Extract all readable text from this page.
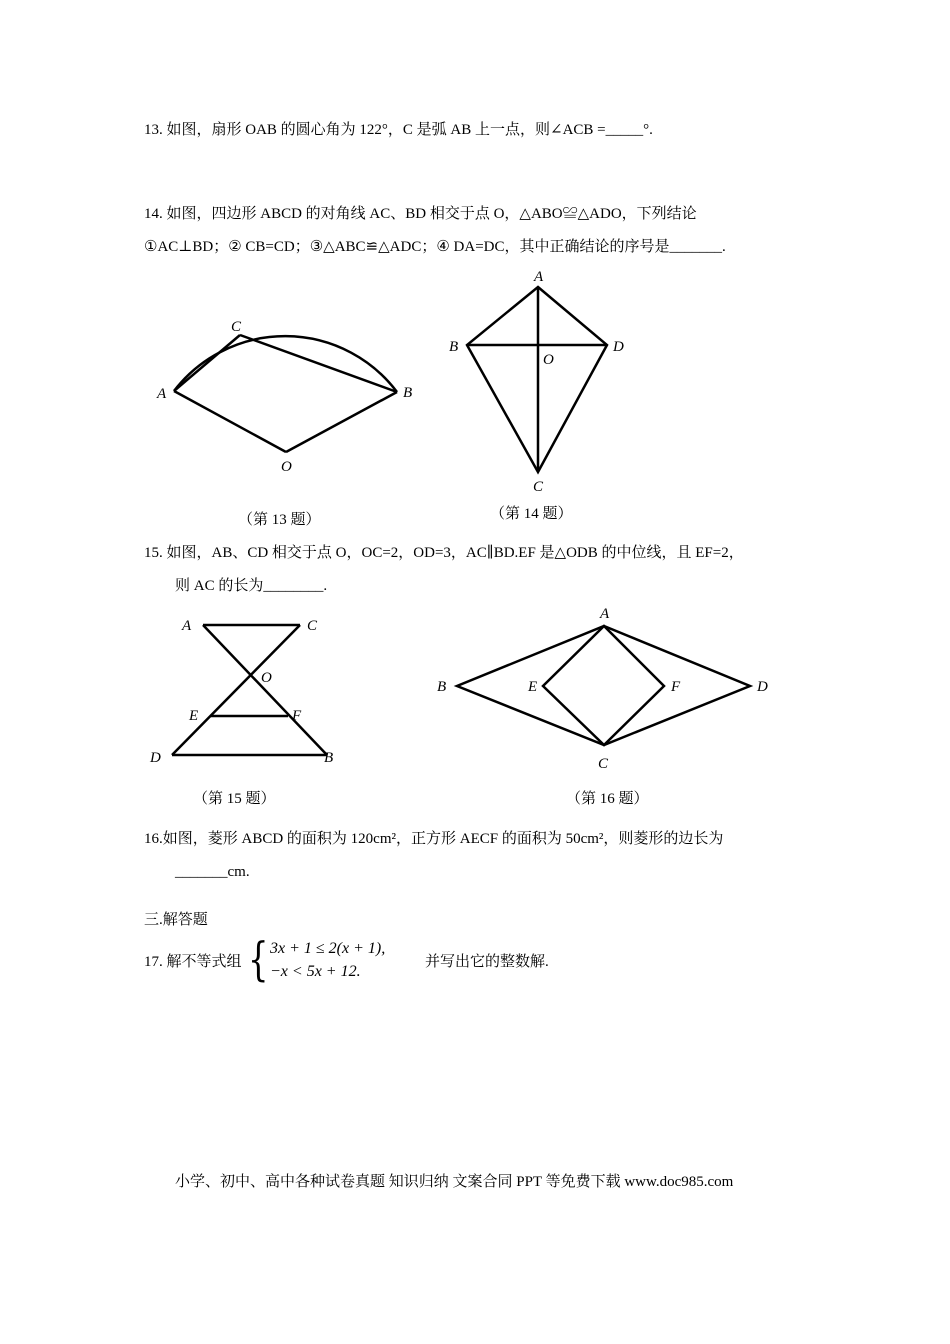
13. 如图，扇形 OAB 的圆心角为 122°，C 是弧 AB 上一点，则∠ACB =_____°.
14. 如图，四边形 ABCD 的对角线 AC、BD 相交于点 O，△ABO≌△ADO，下列结论
①AC⊥BD；② CB=CD；③△ABC≌△ADC；④ DA=DC，其中正确结论的序号是_______.
A	B
C
O
（第 13 题）
A
B	D
O
C
（第 14 题）
15. 如图，AB、CD 相交于点 O，OC=2，OD=3，AC∥BD.EF 是△ODB 的中位线，且 EF=2，
则 AC 的长为________.
A	C
O
E	F
D	B
（第 15 题）
A
B	E	F	D
C
（第 16 题）
16.如图，菱形 ABCD 的面积为 120cm²，正方形 AECF 的面积为 50cm²，则菱形的边长为
_______cm.
三.解答题
17. 解不等式组 { 3x + 1 ≤ 2(x + 1),
−x < 5x + 12.
并写出它的整数解.
小学、初中、高中各种试卷真题 知识归纳 文案合同 PPT 等免费下载 www.doc985.com
